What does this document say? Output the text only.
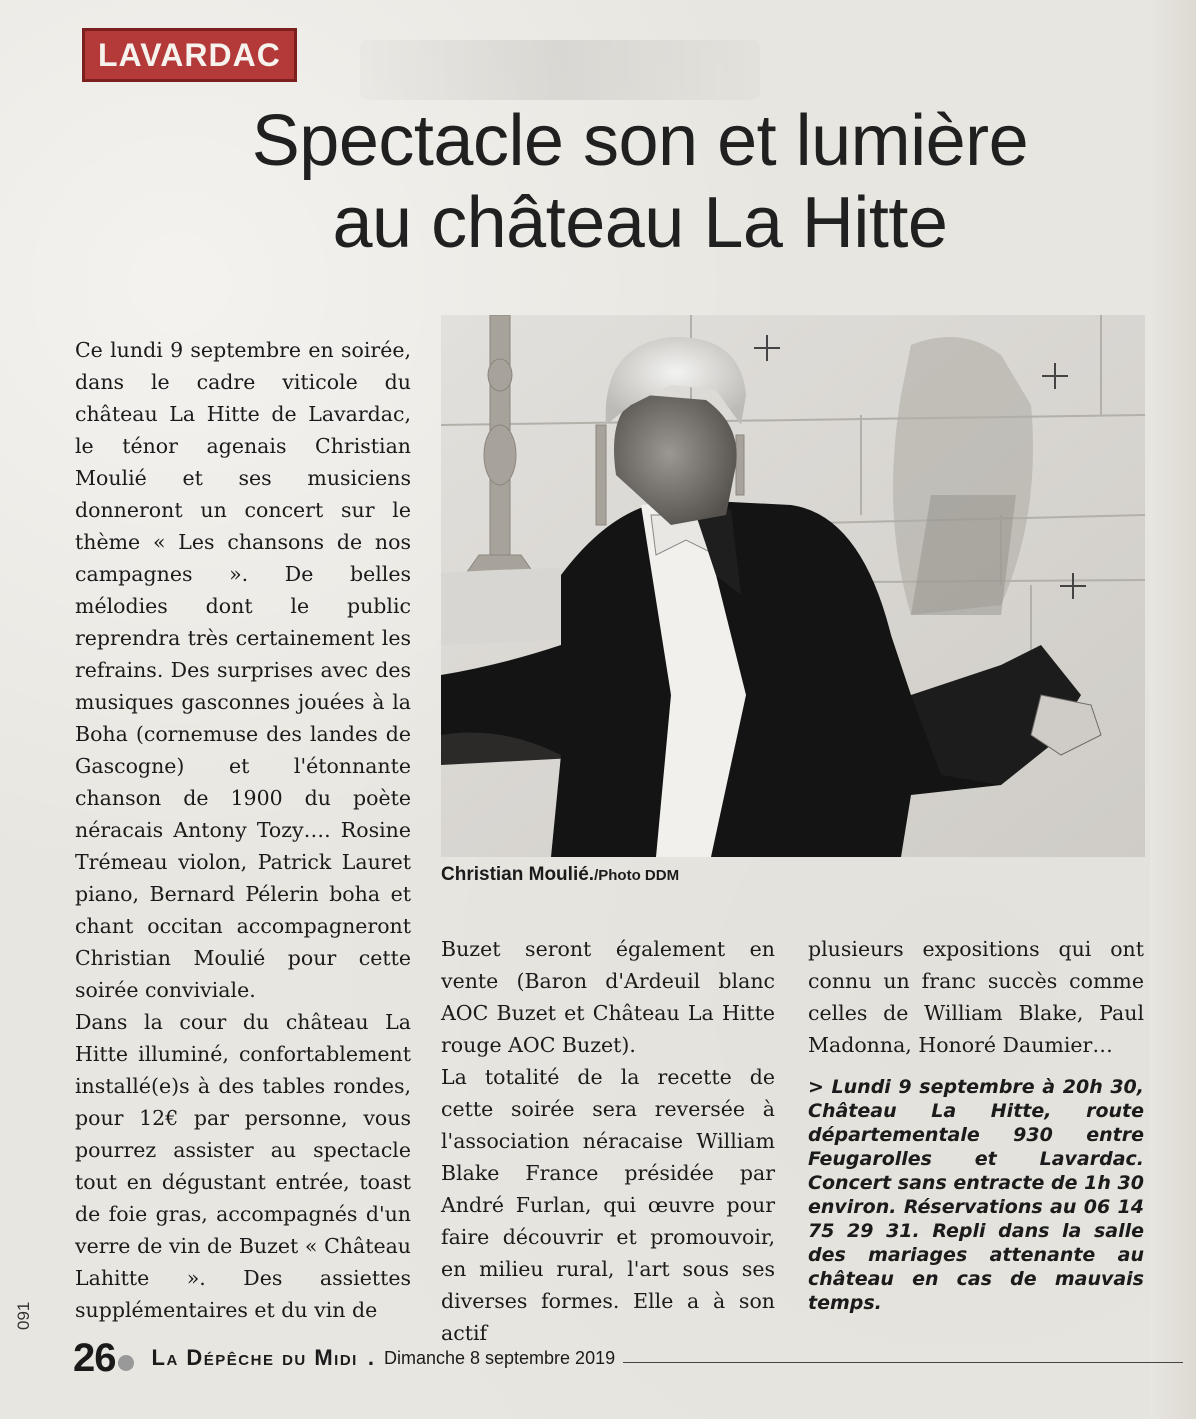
LAVARDAC
Spectacle son et lumière
au château La Hitte

Ce lundi 9 septembre en soirée, dans le cadre viticole du château La Hitte de Lavardac, le ténor agenais Christian Moulié et ses musiciens donneront un concert sur le thème « Les chansons de nos campagnes ». De belles mélodies dont le public reprendra très certainement les refrains. Des surprises avec des musiques gasconnes jouées à la Boha (cornemuse des landes de Gascogne) et l'étonnante chanson de 1900 du poète néracais Antony Tozy…. Rosine Trémeau violon, Patrick Lauret piano, Bernard Pélerin boha et chant occitan accompagneront Christian Moulié pour cette soirée conviviale.

Dans la cour du château La Hitte illuminé, confortablement installé(e)s à des tables rondes, pour 12€ par personne, vous pourrez assister au spectacle tout en dégustant entrée, toast de foie gras, accompagnés d'un verre de vin de Buzet « Château Lahitte ». Des assiettes supplémentaires et du vin de

Christian Moulié./Photo DDM

Buzet seront également en vente (Baron d'Ardeuil blanc AOC Buzet et Château La Hitte rouge AOC Buzet).

La totalité de la recette de cette soirée sera reversée à l'association néracaise William Blake France présidée par André Furlan, qui œuvre pour faire découvrir et promouvoir, en milieu rural, l'art sous ses diverses formes. Elle a à son actif

plusieurs expositions qui ont connu un franc succès comme celles de William Blake, Paul Madonna, Honoré Daumier…

> Lundi 9 septembre à 20h 30, Château La Hitte, route départementale 930 entre Feugarolles et Lavardac. Concert sans entracte de 1h 30 environ. Réservations au 06 14 75 29 31. Repli dans la salle des mariages attenante au château en cas de mauvais temps.
26 La Dépêche du Midi . Dimanche 8 septembre 2019
091
